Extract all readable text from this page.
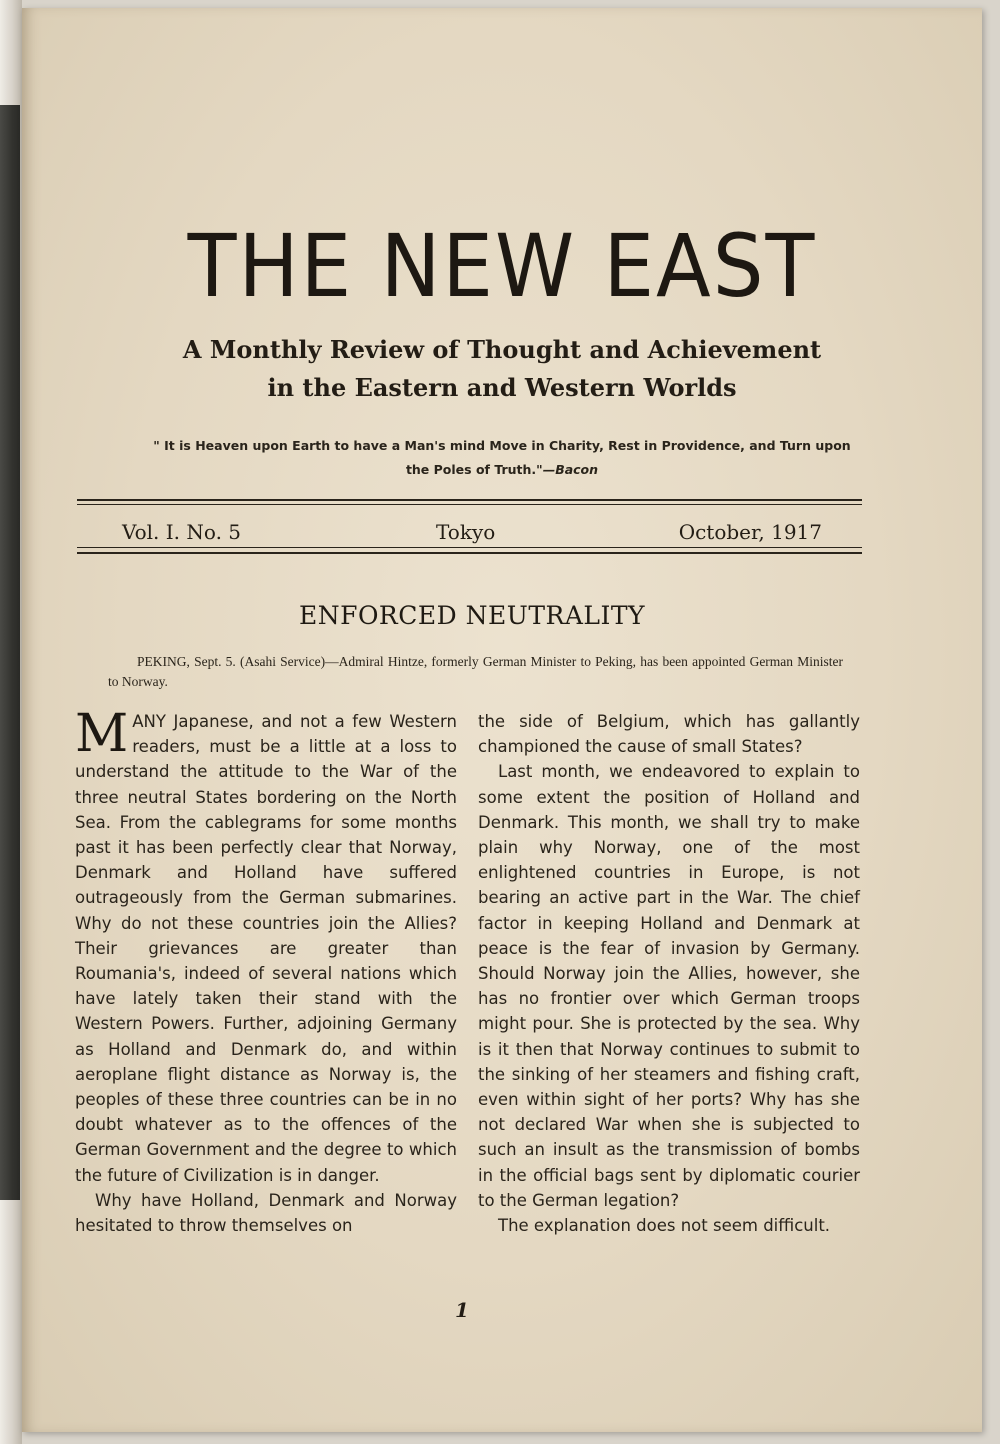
THE NEW EAST
A Monthly Review of Thought and Achievement
in the Eastern and Western Worlds
" It is Heaven upon Earth to have a Man's mind Move in Charity, Rest in Providence, and Turn upon the Poles of Truth."—Bacon
Vol. I. No. 5	Tokyo	October, 1917
ENFORCED NEUTRALITY
PEKING, Sept. 5. (Asahi Service)—Admiral Hintze, formerly German Minister to Peking, has been appointed German Minister to Norway.

MANY Japanese, and not a few Western readers, must be a little at a loss to understand the attitude to the War of the three neutral States bordering on the North Sea. From the cablegrams for some months past it has been perfectly clear that Norway, Denmark and Holland have suffered outrageously from the German submarines. Why do not these countries join the Allies? Their grievances are greater than Roumania's, indeed of several nations which have lately taken their stand with the Western Powers. Further, adjoining Germany as Holland and Denmark do, and within aeroplane flight distance as Norway is, the peoples of these three countries can be in no doubt whatever as to the offences of the German Government and the degree to which the future of Civilization is in danger.

Why have Holland, Denmark and Norway hesitated to throw themselves on

the side of Belgium, which has gallantly championed the cause of small States?

Last month, we endeavored to explain to some extent the position of Holland and Denmark. This month, we shall try to make plain why Norway, one of the most enlightened countries in Europe, is not bearing an active part in the War. The chief factor in keeping Holland and Denmark at peace is the fear of invasion by Germany. Should Norway join the Allies, however, she has no frontier over which German troops might pour. She is protected by the sea. Why is it then that Norway continues to submit to the sinking of her steamers and fishing craft, even within sight of her ports? Why has she not declared War when she is subjected to such an insult as the transmission of bombs in the official bags sent by diplomatic courier to the German legation?

The explanation does not seem difficult.

1
